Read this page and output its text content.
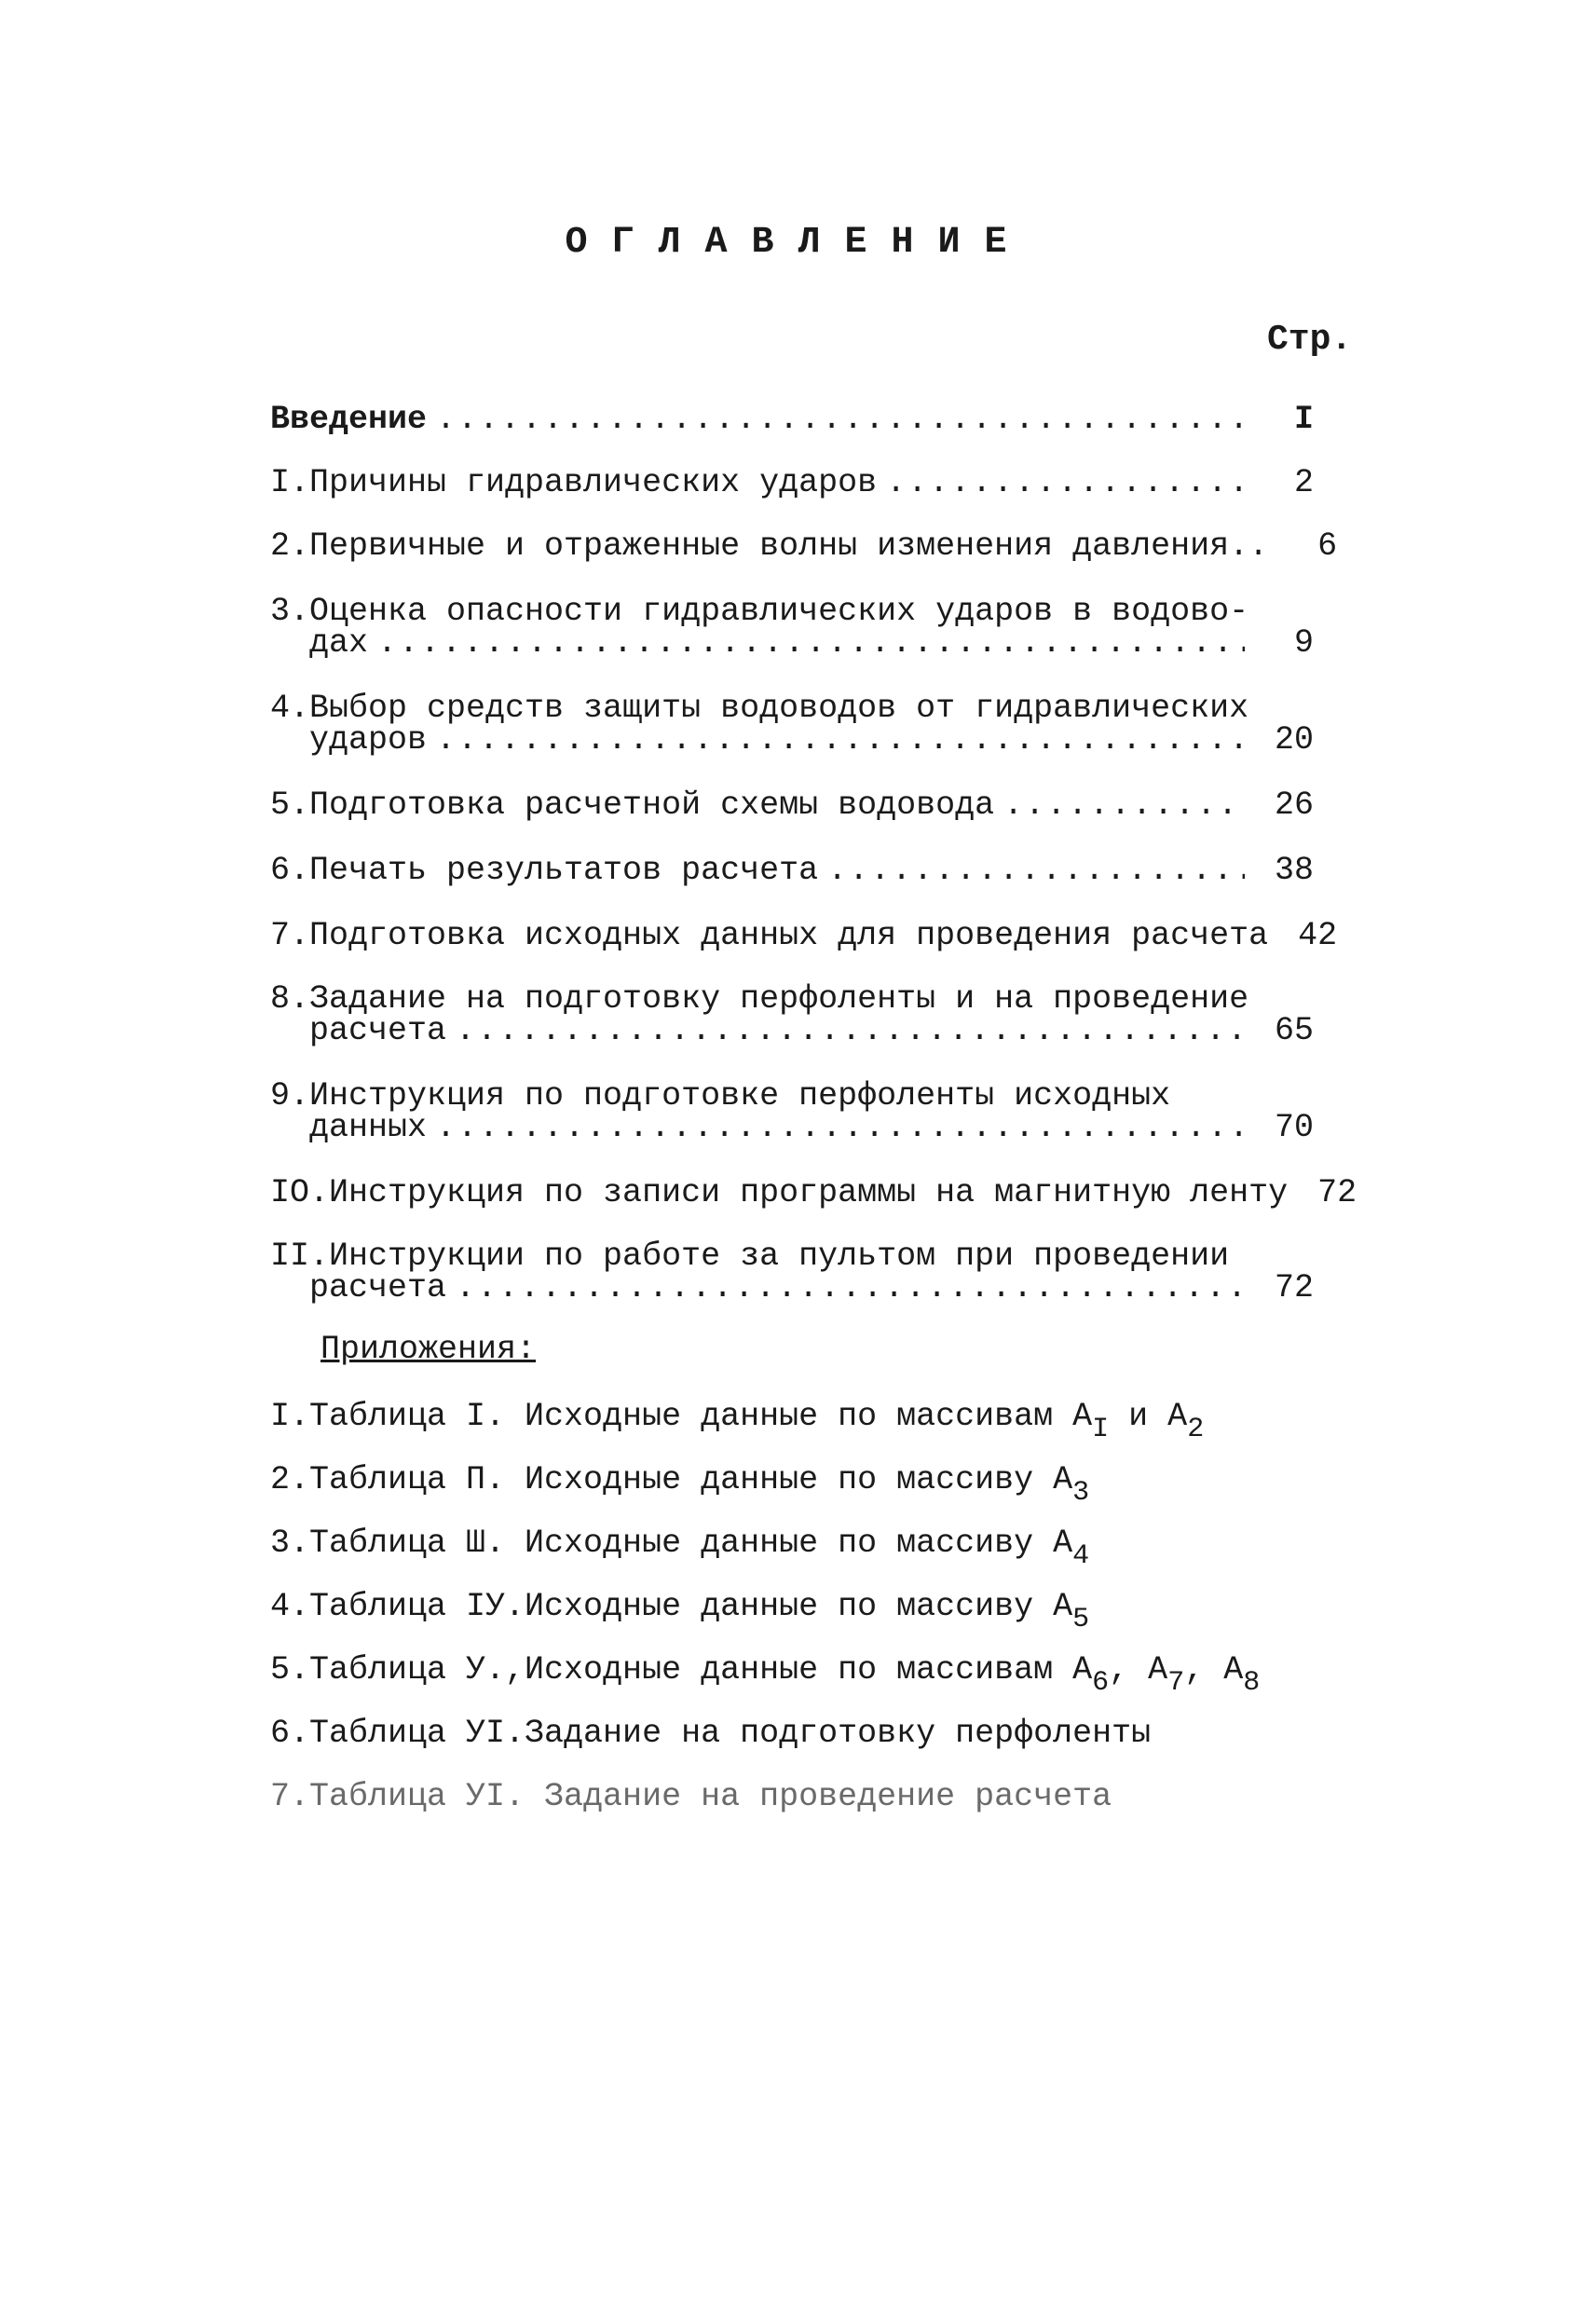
ОГЛАВЛЕНИЕ
Стр.
Введение .....	I
I.Причины гидравлических ударов .....	2
2.Первичные и отраженные волны изменения давления..	6
3.Оценка опасности гидравлических ударов в водово-
дах .....	9
4.Выбор средств защиты водоводов от гидравлических
ударов .....	20
5.Подготовка расчетной схемы водовода .....	26
6.Печать результатов расчета .....	38
7.Подготовка исходных данных для проведения расчета 42
8.Задание на подготовку перфоленты и на проведение
расчета .....	65
9.Инструкция по подготовке перфоленты исходных
данных .....	70
IO.Инструкция по записи программы на магнитную ленту 72
II.Инструкции по работе за пультом при проведении
расчета .....	72
Приложения:
I.Таблица I. Исходные данные по массивам $А_I$ и $А_2$
2.Таблица П. Исходные данные по массиву $А_3$
3.Таблица Ш. Исходные данные по массиву $А_4$
4.Таблица IУ.Исходные данные по массиву $А_5$
5.Таблица У.,Исходные данные по массивам $А_6$, $А_7$, $А_8$
6.Таблица УI.Задание на подготовку перфоленты
7.Таблица УI. Задание на проведение расчета
